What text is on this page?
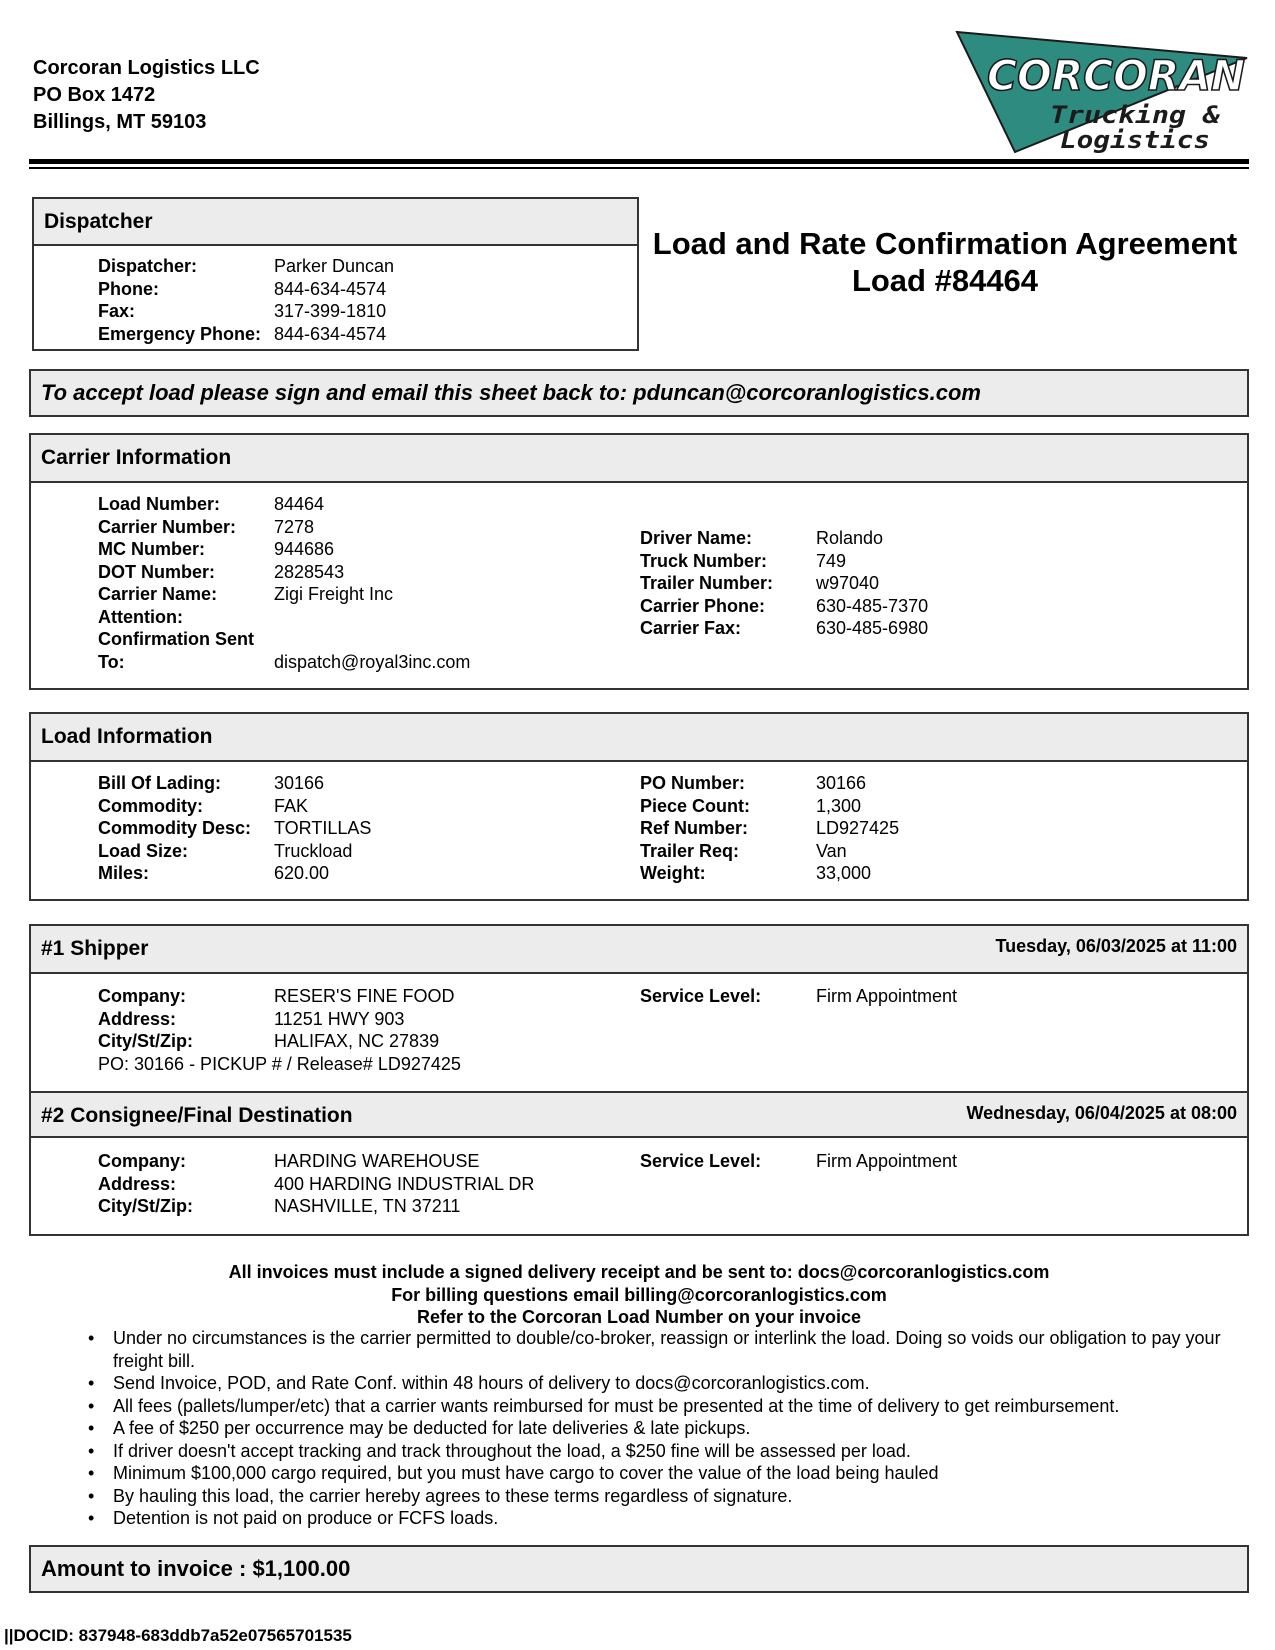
Corcoran Logistics LLC
PO Box 1472
Billings, MT 59103
CORCORAN
Trucking &
Logistics
Dispatcher
Dispatcher:	Parker Duncan
Phone:	844-634-4574
Fax:	317-399-1810
Emergency Phone: 844-634-4574
Load and Rate Confirmation Agreement
Load #84464
To accept load please sign and email this sheet back to: pduncan@corcoranlogistics.com
Carrier Information
Load Number:	84464
Carrier Number:	7278
MC Number:	944686
DOT Number:	2828543
Carrier Name:	Zigi Freight Inc
Attention:
Confirmation Sent
To:	dispatch@royal3inc.com
Driver Name:	Rolando
Truck Number:	749
Trailer Number:	w97040
Carrier Phone:	630-485-7370
Carrier Fax:	630-485-6980
Load Information
Bill Of Lading:	30166
Commodity:	FAK
Commodity Desc:	TORTILLAS
Load Size:	Truckload
Miles:	620.00
PO Number:	30166
Piece Count:	1,300
Ref Number:	LD927425
Trailer Req:	Van
Weight:	33,000
#1 Shipper	Tuesday, 06/03/2025 at 11:00
Company:	RESER'S FINE FOOD
Address:	11251 HWY 903
City/St/Zip:	HALIFAX, NC 27839
PO: 30166 - PICKUP # / Release# LD927425
Service Level:	Firm Appointment
#2 Consignee/Final Destination	Wednesday, 06/04/2025 at 08:00
Company:	HARDING WAREHOUSE
Address:	400 HARDING INDUSTRIAL DR
City/St/Zip:	NASHVILLE, TN 37211
Service Level:	Firm Appointment
All invoices must include a signed delivery receipt and be sent to: docs@corcoranlogistics.com
For billing questions email billing@corcoranlogistics.com
Refer to the Corcoran Load Number on your invoice
• Under no circumstances is the carrier permitted to double/co-broker, reassign or interlink the load. Doing so voids our obligation to pay your freight bill.
• Send Invoice, POD, and Rate Conf. within 48 hours of delivery to docs@corcoranlogistics.com.
• All fees (pallets/lumper/etc) that a carrier wants reimbursed for must be presented at the time of delivery to get reimbursement.
• A fee of $250 per occurrence may be deducted for late deliveries & late pickups.
• If driver doesn't accept tracking and track throughout the load, a $250 fine will be assessed per load.
• Minimum $100,000 cargo required, but you must have cargo to cover the value of the load being hauled
• By hauling this load, the carrier hereby agrees to these terms regardless of signature.
• Detention is not paid on produce or FCFS loads.
Amount to invoice : $1,100.00
||DOCID: 837948-683ddb7a52e07565701535
